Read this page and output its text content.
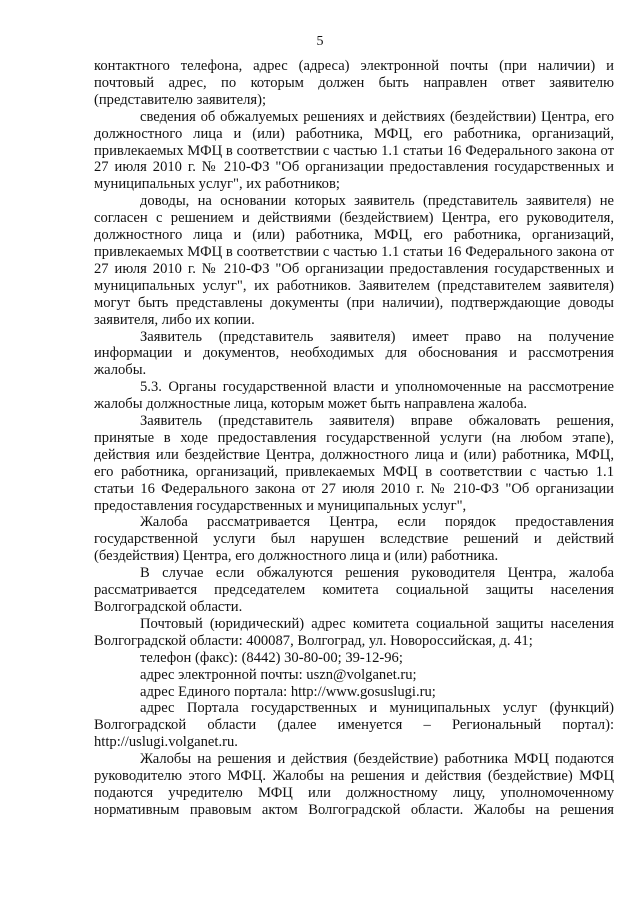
5

контактного телефона, адрес (адреса) электронной почты (при наличии) и почтовый адрес, по которым должен быть направлен ответ заявителю (представителю заявителя);

сведения об обжалуемых решениях и действиях (бездействии) Центра, его должностного лица и (или) работника, МФЦ, его работника, организаций, привлекаемых МФЦ в соответствии с частью 1.1 статьи 16 Федерального закона от 27 июля 2010 г. № 210-ФЗ "Об организации предоставления государственных и муниципальных услуг", их работников;

доводы, на основании которых заявитель (представитель заявителя) не согласен с решением и действиями (бездействием) Центра, его руководителя, должностного лица и (или) работника, МФЦ, его работника, организаций, привлекаемых МФЦ в соответствии с частью 1.1 статьи 16 Федерального закона от 27 июля 2010 г. № 210-ФЗ "Об организации предоставления государственных и муниципальных услуг", их работников. Заявителем (представителем заявителя) могут быть представлены документы (при наличии), подтверждающие доводы заявителя, либо их копии.

Заявитель (представитель заявителя) имеет право на получение информации и документов, необходимых для обоснования и рассмотрения жалобы.

5.3. Органы государственной власти и уполномоченные на рассмотрение жалобы должностные лица, которым может быть направлена жалоба.

Заявитель (представитель заявителя) вправе обжаловать решения, принятые в ходе предоставления государственной услуги (на любом этапе), действия или бездействие Центра, должностного лица и (или) работника, МФЦ, его работника, организаций, привлекаемых МФЦ в соответствии с частью 1.1 статьи 16 Федерального закона от 27 июля 2010 г. № 210-ФЗ "Об организации предоставления государственных и муниципальных услуг",

Жалоба рассматривается Центра, если порядок предоставления государственной услуги был нарушен вследствие решений и действий (бездействия) Центра, его должностного лица и (или) работника.

В случае если обжалуются решения руководителя Центра, жалоба рассматривается председателем комитета социальной защиты населения Волгоградской области.

Почтовый (юридический) адрес комитета социальной защиты населения Волгоградской области: 400087, Волгоград, ул. Новороссийская, д. 41;

телефон (факс): (8442) 30-80-00; 39-12-96;

адрес электронной почты: uszn@volganet.ru;

адрес Единого портала: http://www.gosuslugi.ru;

адрес Портала государственных и муниципальных услуг (функций) Волгоградской области (далее именуется – Региональный портал): http://uslugi.volganet.ru.

Жалобы на решения и действия (бездействие) работника МФЦ подаются руководителю этого МФЦ. Жалобы на решения и действия (бездействие) МФЦ подаются учредителю МФЦ или должностному лицу, уполномоченному нормативным правовым актом Волгоградской области. Жалобы на решения
